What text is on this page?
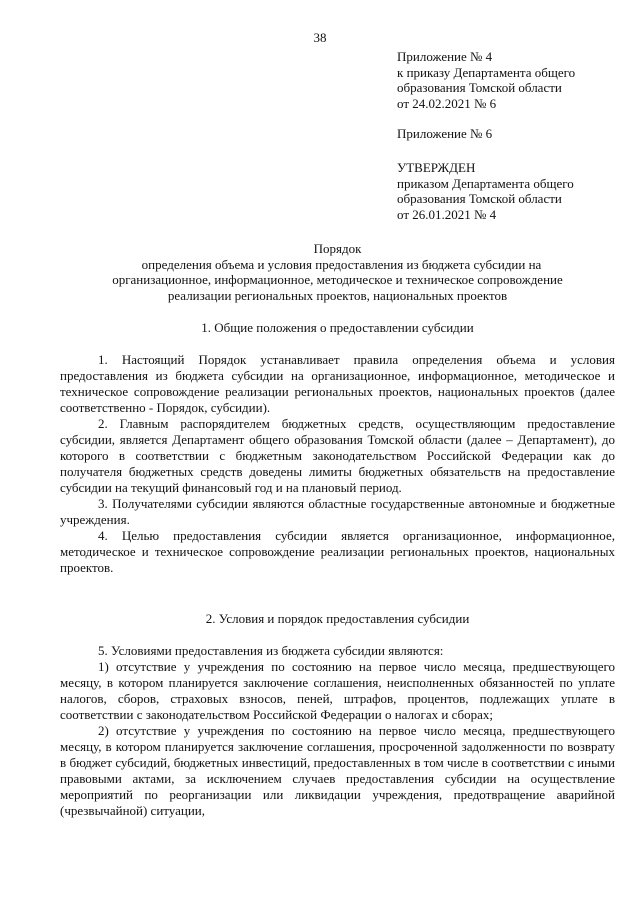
38
Приложение № 4
к приказу Департамента общего
образования Томской области
от 24.02.2021 № 6
Приложение № 6
УТВЕРЖДЕН
приказом Департамента общего
образования Томской области
от 26.01.2021 № 4
Порядок
определения объема и условия предоставления из бюджета субсидии на
организационное, информационное, методическое и техническое сопровождение
реализации региональных проектов, национальных проектов
1. Общие положения о предоставлении субсидии

1. Настоящий Порядок устанавливает правила определения объема и условия предоставления из бюджета субсидии на организационное, информационное, методическое и техническое сопровождение реализации региональных проектов, национальных проектов (далее соответственно - Порядок, субсидии).

2. Главным распорядителем бюджетных средств, осуществляющим предоставление субсидии, является Департамент общего образования Томской области (далее – Департамент), до которого в соответствии с бюджетным законодательством Российской Федерации как до получателя бюджетных средств доведены лимиты бюджетных обязательств на предоставление субсидии на текущий финансовый год и на плановый период.

3. Получателями субсидии являются областные государственные автономные и бюджетные учреждения.

4. Целью предоставления субсидии является организационное, информационное, методическое и техническое сопровождение реализации региональных проектов, национальных проектов.

2. Условия и порядок предоставления субсидии

5. Условиями предоставления из бюджета субсидии являются:

1) отсутствие у учреждения по состоянию на первое число месяца, предшествующего месяцу, в котором планируется заключение соглашения, неисполненных обязанностей по уплате налогов, сборов, страховых взносов, пеней, штрафов, процентов, подлежащих уплате в соответствии с законодательством Российской Федерации о налогах и сборах;

2) отсутствие у учреждения по состоянию на первое число месяца, предшествующего месяцу, в котором планируется заключение соглашения, просроченной задолженности по возврату в бюджет субсидий, бюджетных инвестиций, предоставленных в том числе в соответствии с иными правовыми актами, за исключением случаев предоставления субсидии на осуществление мероприятий по реорганизации или ликвидации учреждения, предотвращение аварийной (чрезвычайной) ситуации,
